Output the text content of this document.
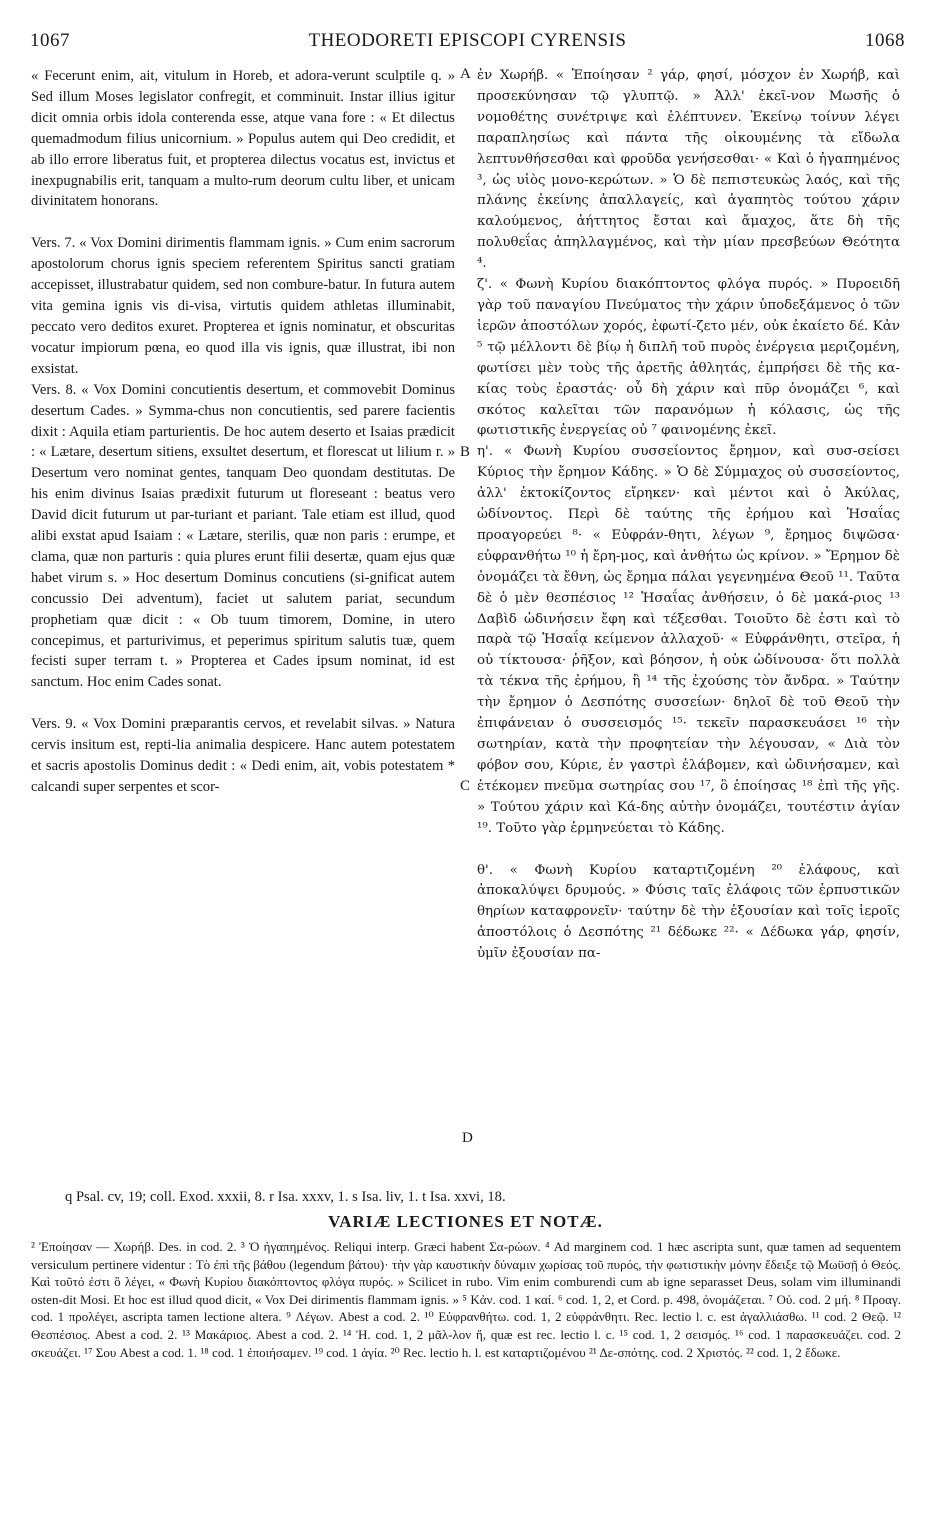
1067	THEODORETI EPISCOPI CYRENSIS	1068

« Fecerunt enim, ait, vitulum in Horeb, et adora-verunt sculptile q. » Sed illum Moses legislator confregit, et comminuit. Instar illius igitur dicit omnia orbis idola conterenda esse, atque vana fore : « Et dilectus quemadmodum filius unicornium. » Populus autem qui Deo credidit, et ab illo errore liberatus fuit, et propterea dilectus vocatus est, invictus et inexpugnabilis erit, tanquam a multo-rum deorum cultu liber, et unicam divinitatem honorans.

Vers. 7. « Vox Domini dirimentis flammam ignis. » Cum enim sacrorum apostolorum chorus ignis speciem referentem Spiritus sancti gratiam accepisset, illustrabatur quidem, sed non combure-batur. In futura autem vita gemina ignis vis di-visa, virtutis quidem athletas illuminabit, peccato vero deditos exuret. Propterea et ignis nominatur, et obscuritas vocatur impiorum pœna, eo quod illa vis ignis, quæ illustrat, ibi non exsistat.

Vers. 8. « Vox Domini concutientis desertum, et commovebit Dominus desertum Cades. » Symma-chus non concutientis, sed parere facientis dixit : Aquila etiam parturientis. De hoc autem deserto et Isaias prædicit : « Lætare, desertum sitiens, exsultet desertum, et florescat ut lilium r. » Desertum vero nominat gentes, tanquam Deo quondam destitutas. De his enim divinus Isaias prædixit futurum ut floreseant : beatus vero David dicit futurum ut par-turiant et pariant. Tale etiam est illud, quod alibi exstat apud Isaiam : « Lætare, sterilis, quæ non paris : erumpe, et clama, quæ non parturis : quia plures erunt filii desertæ, quam ejus quæ habet virum s. » Hoc desertum Dominus concutiens (si-gnificat autem concussio Dei adventum), faciet ut salutem pariat, secundum prophetiam quæ dicit : « Ob tuum timorem, Domine, in utero concepimus, et parturivimus, et peperimus spiritum salutis tuæ, quem fecisti super terram t. » Propterea et Cades ipsum nominat, id est sanctum. Hoc enim Cades sonat.

Vers. 9. « Vox Domini præparantis cervos, et revelabit silvas. » Natura cervis insitum est, repti-lia animalia despicere. Hanc autem potestatem et sacris apostolis Dominus dedit : « Dedi enim, ait, vobis potestatem * calcandi super serpentes et scor-

ἐν Χωρήβ. « Ἐποίησαν ² γάρ, φησί, μόσχον ἐν Χωρήβ, καὶ προσεκύνησαν τῷ γλυπτῷ. » Ἀλλ' ἐκεῖ-νον Μωσῆς ὁ νομοθέτης συνέτριψε καὶ ἐλέπτυνεν. Ἐκείνῳ τοίνυν λέγει παραπλησίως καὶ πάντα τῆς οἰκουμένης τὰ εἴδωλα λεπτυνθήσεσθαι καὶ φροῦδα γενήσεσθαι· « Καὶ ὁ ἠγαπημένος ³, ὡς υἱὸς μονο-κερώτων. » Ὁ δὲ πεπιστευκὼς λαός, καὶ τῆς πλάνης ἐκείνης ἀπαλλαγείς, καὶ ἀγαπητὸς τούτου χάριν καλούμενος, ἀήττητος ἔσται καὶ ἄμαχος, ἅτε δὴ τῆς πολυθεΐας ἀπηλλαγμένος, καὶ τὴν μίαν πρεσβεύων Θεότητα ⁴.

ζ'. « Φωνὴ Κυρίου διακόπτοντος φλόγα πυρός. » Πυροειδῆ γὰρ τοῦ παναγίου Πνεύματος τὴν χάριν ὑποδεξάμενος ὁ τῶν ἱερῶν ἀποστόλων χορός, ἐφωτί-ζετο μέν, οὐκ ἐκαίετο δέ. Κἀν ⁵ τῷ μέλλοντι δὲ βίῳ ἡ διπλῆ τοῦ πυρὸς ἐνέργεια μεριζομένη, φωτίσει μὲν τοὺς τῆς ἀρετῆς ἀθλητάς, ἐμπρήσει δὲ τῆς κα-κίας τοὺς ἐραστάς· οὗ δὴ χάριν καὶ πῦρ ὀνομάζει ⁶, καὶ σκότος καλεῖται τῶν παρανόμων ἡ κόλασις, ὡς τῆς φωτιστικῆς ἐνεργείας οὐ ⁷ φαινομένης ἐκεῖ.

η'. « Φωνὴ Κυρίου συσσείοντος ἔρημον, καὶ συσ-σείσει Κύριος τὴν ἔρημον Κάδης. » Ὁ δὲ Σύμμαχος οὐ συσσείοντος, ἀλλ' ἐκτοκίζοντος εἴρηκεν· καὶ μέντοι καὶ ὁ Ἀκύλας, ὠδίνοντος. Περὶ δὲ ταύτης τῆς ἐρήμου καὶ Ἡσαΐας προαγορεύει ⁸· « Εὐφράν-θητι, λέγων ⁹, ἔρημος διψῶσα· εὐφρανθήτω ¹⁰ ἡ ἔρη-μος, καὶ ἀνθήτω ὡς κρίνον. » Ἔρημον δὲ ὀνομάζει τὰ ἔθνη, ὡς ἔρημα πάλαι γεγενημένα Θεοῦ ¹¹. Ταῦτα δὲ ὁ μὲν θεσπέσιος ¹² Ἡσαΐας ἀνθήσειν, ὁ δὲ μακά-ριος ¹³ Δαβὶδ ὠδινήσειν ἔφη καὶ τέξεσθαι. Τοιοῦτο δὲ ἐστι καὶ τὸ παρὰ τῷ Ἡσαΐᾳ κείμενον ἀλλαχοῦ· « Εὐφράνθητι, στεῖρα, ἡ οὐ τίκτουσα· ῥῆξον, καὶ βόησον, ἡ οὐκ ὠδίνουσα· ὅτι πολλὰ τὰ τέκνα τῆς ἐρήμου, ἢ ¹⁴ τῆς ἐχούσης τὸν ἄνδρα. » Ταύτην τὴν ἔρημον ὁ Δεσπότης συσσείων· δηλοῖ δὲ τοῦ Θεοῦ τὴν ἐπιφάνειαν ὁ συσσεισμός ¹⁵· τεκεῖν παρασκευάσει ¹⁶ τὴν σωτηρίαν, κατὰ τὴν προφητείαν τὴν λέγουσαν, « Διὰ τὸν φόβον σου, Κύριε, ἐν γαστρὶ ἐλάβομεν, καὶ ὠδινήσαμεν, καὶ ἐτέκομεν πνεῦμα σωτηρίας σου ¹⁷, ὃ ἐποίησας ¹⁸ ἐπὶ τῆς γῆς. » Τούτου χάριν καὶ Κά-δης αὐτὴν ὀνομάζει, τουτέστιν ἁγίαν ¹⁹. Τοῦτο γὰρ ἑρμηνεύεται τὸ Κάδης.

θ'. « Φωνὴ Κυρίου καταρτιζομένη ²⁰ ἐλάφους, καὶ ἀποκαλύψει δρυμούς. » Φύσις ταῖς ἐλάφοις τῶν ἑρπυστικῶν θηρίων καταφρονεῖν· ταύτην δὲ τὴν ἐξουσίαν καὶ τοῖς ἱεροῖς ἀποστόλοις ὁ Δεσπότης ²¹ δέδωκε ²²· « Δέδωκα γάρ, φησίν, ὑμῖν ἐξουσίαν πα-

A
B
C
D
q Psal. cv, 19; coll. Exod. xxxii, 8. r Isa. xxxv, 1. s Isa. liv, 1. t Isa. xxvi, 18.
VARIÆ LECTIONES ET NOTÆ.

² Ἐποίησαν — Χωρήβ. Des. in cod. 2. ³ Ὁ ἠγαπημένος. Reliqui interp. Græci habent Σα-ρώων. ⁴ Ad marginem cod. 1 hæc ascripta sunt, quæ tamen ad sequentem versiculum pertinere videntur : Τὸ ἐπὶ τῆς βάθου (legendum βάτου)· τὴν γὰρ καυστικὴν δύναμιν χωρίσας τοῦ πυρός, τὴν φωτιστικὴν μόνην ἔδειξε τῷ Μωϋσῇ ὁ Θεός. Καὶ τοῦτό ἐστι ὃ λέγει, « Φωνὴ Κυρίου διακόπτοντος φλόγα πυρός. » Scilicet in rubo. Vim enim comburendi cum ab igne separasset Deus, solam vim illuminandi osten-dit Mosi. Et hoc est illud quod dicit, « Vox Dei dirimentis flammam ignis. » ⁵ Κἀν. cod. 1 καί. ⁶ cod. 1, 2, et Cord. p. 498, ὀνομάζεται. ⁷ Οὐ. cod. 2 μή. ⁸ Προαγ. cod. 1 προλέγει, ascripta tamen lectione altera. ⁹ Λέγων. Abest a cod. 2. ¹⁰ Εὐφρανθήτω. cod. 1, 2 εὐφράνθητι. Rec. lectio l. c. est ἀγαλλιάσθω. ¹¹ cod. 2 Θεῷ. ¹² Θεσπέσιος. Abest a cod. 2. ¹³ Μακάριος. Abest a cod. 2. ¹⁴ Ἡ. cod. 1, 2 μᾶλ-λον ἤ, quæ est rec. lectio l. c. ¹⁵ cod. 1, 2 σεισμός. ¹⁶ cod. 1 παρασκευάζει. cod. 2 σκευάζει. ¹⁷ Σου Abest a cod. 1. ¹⁸ cod. 1 ἐποιήσαμεν. ¹⁹ cod. 1 ἁγία. ²⁰ Rec. lectio h. l. est καταρτιζομένου ²¹ Δε-σπότης. cod. 2 Χριστός. ²² cod. 1, 2 ἔδωκε.
